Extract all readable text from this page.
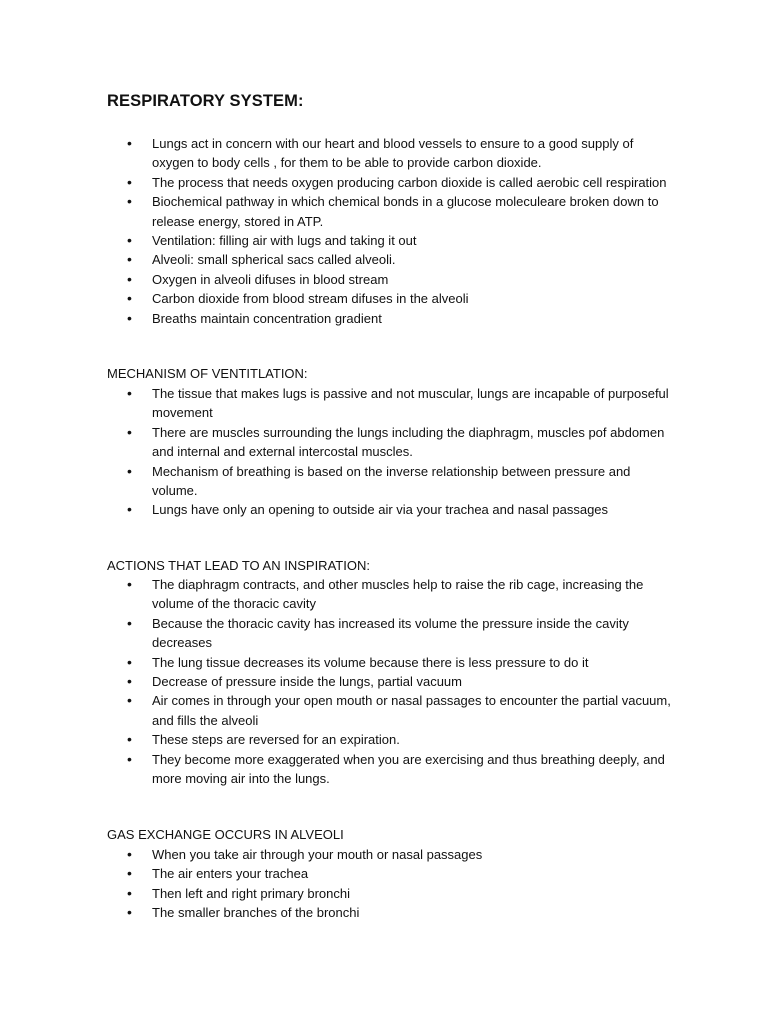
RESPIRATORY SYSTEM:
• Lungs act in concern with our heart and blood vessels to ensure to a good supply of oxygen to body cells , for them to be able to provide carbon dioxide.
• The process that needs oxygen producing carbon dioxide is called aerobic cell respiration
• Biochemical pathway in which chemical bonds in a glucose moleculeare broken down to release energy, stored in ATP.
• Ventilation: filling air with lugs and taking it out
• Alveoli: small spherical sacs called alveoli.
• Oxygen in alveoli difuses in blood stream
• Carbon dioxide from blood stream difuses in the alveoli
• Breaths maintain concentration gradient
MECHANISM OF VENTITLATION:
• The tissue that makes lugs is passive and not muscular, lungs are incapable of purposeful movement
• There are muscles surrounding the lungs including the diaphragm, muscles pof abdomen and internal and external intercostal muscles.
• Mechanism of breathing is based on the inverse relationship between pressure and volume.
• Lungs have only an opening to outside air via your trachea and nasal passages
ACTIONS THAT LEAD TO AN INSPIRATION:
• The diaphragm contracts, and other muscles help to raise the rib cage, increasing the volume of the thoracic cavity
• Because the thoracic cavity has increased its volume the pressure inside the cavity decreases
• The lung tissue decreases its volume because there is less pressure to do it
• Decrease of pressure inside the lungs, partial vacuum
• Air comes in through your open mouth or nasal passages to encounter the partial vacuum, and fills the alveoli
• These steps are reversed for an expiration.
• They become more exaggerated when you are exercising and thus breathing deeply, and more moving air into the lungs.
GAS EXCHANGE OCCURS IN ALVEOLI
• When you take air through your mouth or nasal passages
• The air enters your trachea
• Then left and right primary bronchi
• The smaller branches of the bronchi
